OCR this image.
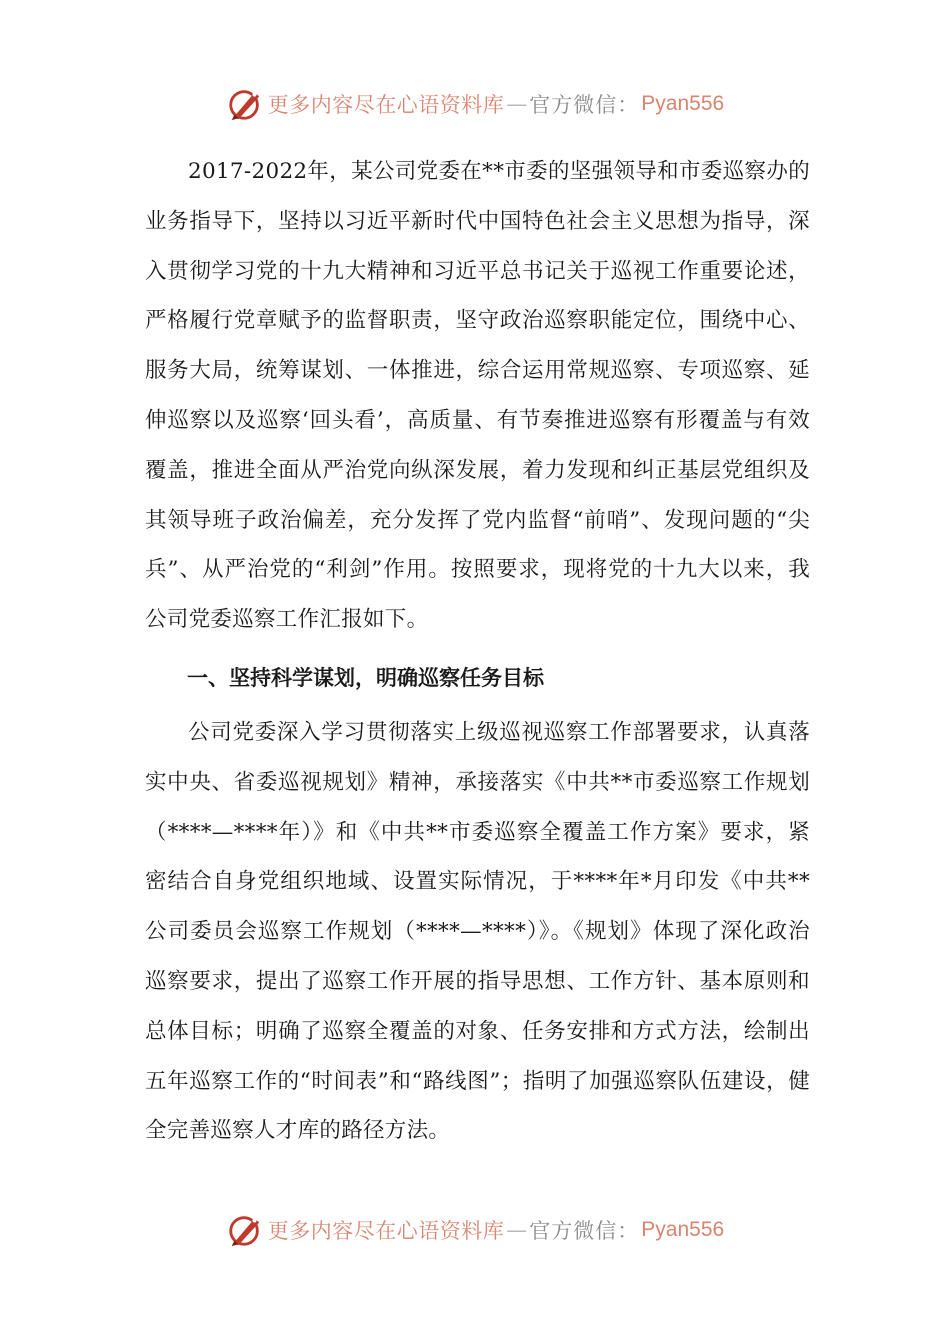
更多内容尽在心语资料库 — 官方微信： Pyan556

2017-2022年，某公司党委在**市委的坚强领导和市委巡察办的业务指导下，坚持以习近平新时代中国特色社会主义思想为指导，深入贯彻学习党的十九大精神和习近平总书记关于巡视工作重要论述，严格履行党章赋予的监督职责，坚守政治巡察职能定位，围绕中心、服务大局，统筹谋划、一体推进，综合运用常规巡察、专项巡察、延伸巡察以及巡察‘回头看’，高质量、有节奏推进巡察有形覆盖与有效覆盖，推进全面从严治党向纵深发展，着力发现和纠正基层党组织及其领导班子政治偏差，充分发挥了党内监督“前哨”、发现问题的“尖兵”、从严治党的“利剑”作用。按照要求，现将党的十九大以来，我公司党委巡察工作汇报如下。

一、坚持科学谋划，明确巡察任务目标

公司党委深入学习贯彻落实上级巡视巡察工作部署要求，认真落实中央、省委巡视规划》精神，承接落实《中共**市委巡察工作规划（****—****年）》和《中共**市委巡察全覆盖工作方案》要求，紧密结合自身党组织地域、设置实际情况，于****年*月印发《中共**公司委员会巡察工作规划（****—****）》。《规划》体现了深化政治巡察要求，提出了巡察工作开展的指导思想、工作方针、基本原则和总体目标；明确了巡察全覆盖的对象、任务安排和方式方法，绘制出五年巡察工作的“时间表”和“路线图”；指明了加强巡察队伍建设，健全完善巡察人才库的路径方法。

更多内容尽在心语资料库 — 官方微信： Pyan556
